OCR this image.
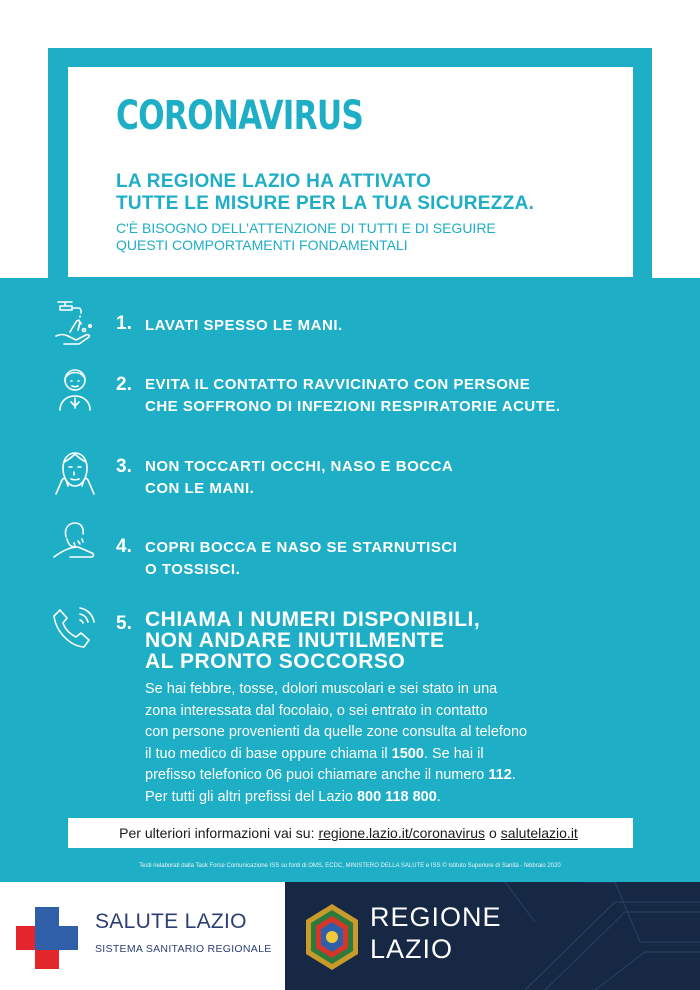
CORONAVIRUS
LA REGIONE LAZIO HA ATTIVATO
TUTTE LE MISURE PER LA TUA SICUREZZA.
C'È BISOGNO DELL'ATTENZIONE DI TUTTI E DI SEGUIRE
QUESTI COMPORTAMENTI FONDAMENTALI
1. LAVATI SPESSO LE MANI.
2. EVITA IL CONTATTO RAVVICINATO CON PERSONE
CHE SOFFRONO DI INFEZIONI RESPIRATORIE ACUTE.
3. NON TOCCARTI OCCHI, NASO E BOCCA
CON LE MANI.
4. COPRI BOCCA E NASO SE STARNUTISCI
O TOSSISCI.
5. CHIAMA I NUMERI DISPONIBILI,
NON ANDARE INUTILMENTE
AL PRONTO SOCCORSO
Se hai febbre, tosse, dolori muscolari e sei stato in una
zona interessata dal focolaio, o sei entrato in contatto
con persone provenienti da quelle zone consulta al telefono
il tuo medico di base oppure chiama il 1500. Se hai il
prefisso telefonico 06 puoi chiamare anche il numero 112.
Per tutti gli altri prefissi del Lazio 800 118 800.
Per ulteriori informazioni vai su: regione.lazio.it/coronavirus o salutelazio.it
Testi rielaborati dalla Task Force Comunicazione ISS su fonti di OMS, ECDC, MINISTERO DELLA SALUTE e ISS © Istituto Superiore di Sanità - febbraio 2020
SALUTE LAZIO
SISTEMA SANITARIO REGIONALE
REGIONE
LAZIO
